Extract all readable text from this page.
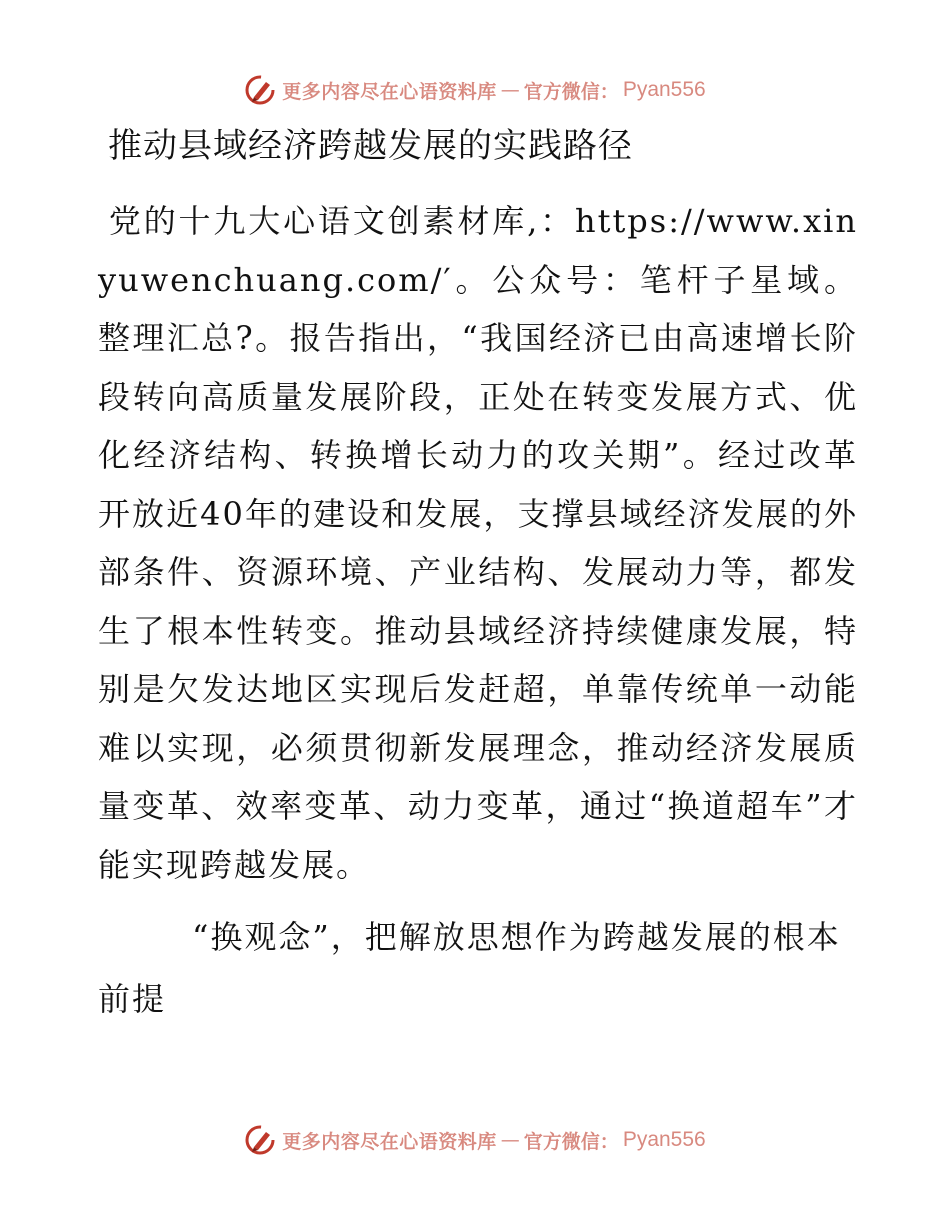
更多内容尽在心语资料库 — 官方微信： Pyan556
推动县域经济跨越发展的实践路径

党的十九大心语文创素材库,：https://www.xinyuwenchuang.com/′。公众号：笔杆子星域。整理汇总?。报告指出，“我国经济已由高速增长阶段转向高质量发展阶段，正处在转变发展方式、优化经济结构、转换增长动力的攻关期”。经过改革开放近40年的建设和发展，支撑县域经济发展的外部条件、资源环境、产业结构、发展动力等，都发生了根本性转变。推动县域经济持续健康发展，特别是欠发达地区实现后发赶超，单靠传统单一动能难以实现，必须贯彻新发展理念，推动经济发展质量变革、效率变革、动力变革，通过“换道超车”才能实现跨越发展。

“换观念”，把解放思想作为跨越发展的根本前提

更多内容尽在心语资料库 — 官方微信： Pyan556
